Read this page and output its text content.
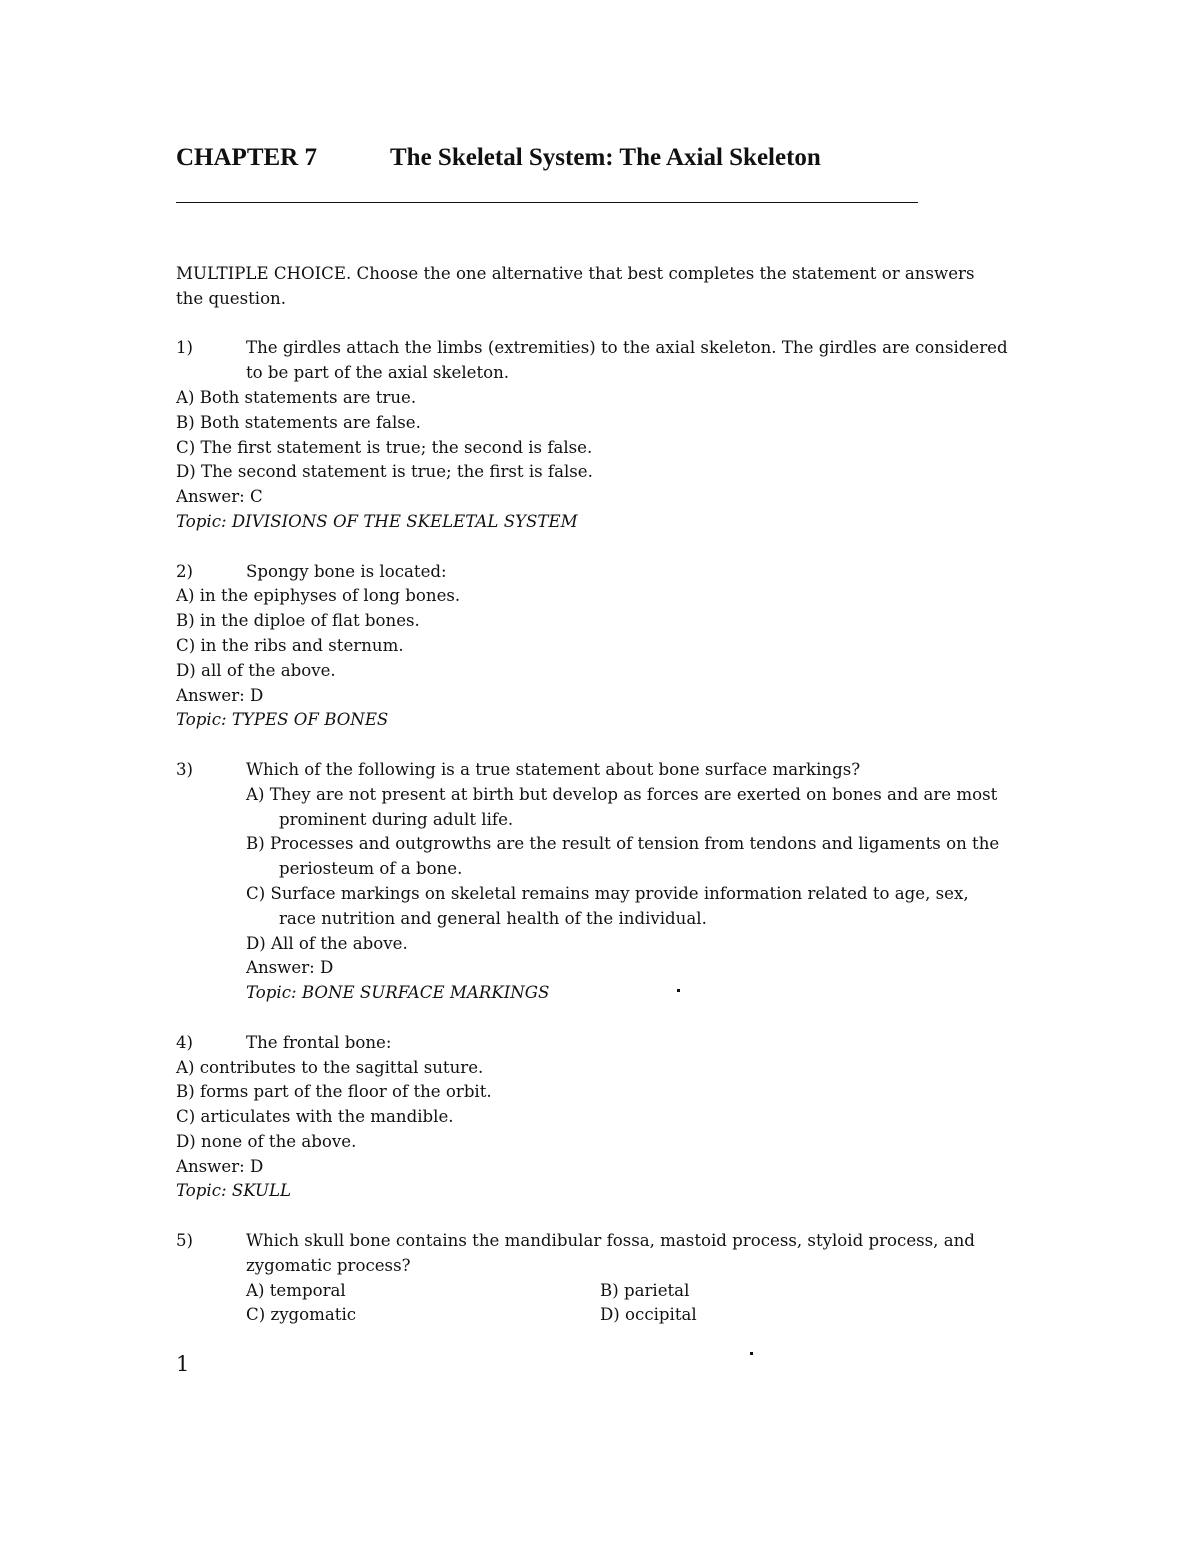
CHAPTER 7	The Skeletal System: The Axial Skeleton
MULTIPLE CHOICE. Choose the one alternative that best completes the statement or answers
the question.
1)	The girdles attach the limbs (extremities) to the axial skeleton. The girdles are considered
to be part of the axial skeleton.
A) Both statements are true.
B) Both statements are false.
C) The first statement is true; the second is false.
D) The second statement is true; the first is false.
Answer: C
Topic: DIVISIONS OF THE SKELETAL SYSTEM
2)	Spongy bone is located:
A) in the epiphyses of long bones.
B) in the diploe of flat bones.
C) in the ribs and sternum.
D) all of the above.
Answer: D
Topic: TYPES OF BONES
3)	Which of the following is a true statement about bone surface markings?
A) They are not present at birth but develop as forces are exerted on bones and are most
prominent during adult life.
B) Processes and outgrowths are the result of tension from tendons and ligaments on the
periosteum of a bone.
C) Surface markings on skeletal remains may provide information related to age, sex,
race nutrition and general health of the individual.
D) All of the above.
Answer: D
Topic: BONE SURFACE MARKINGS
4)	The frontal bone:
A) contributes to the sagittal suture.
B) forms part of the floor of the orbit.
C) articulates with the mandible.
D) none of the above.
Answer: D
Topic: SKULL
5)	Which skull bone contains the mandibular fossa, mastoid process, styloid process, and
zygomatic process?
A) temporal	B) parietal
C) zygomatic	D) occipital
1
